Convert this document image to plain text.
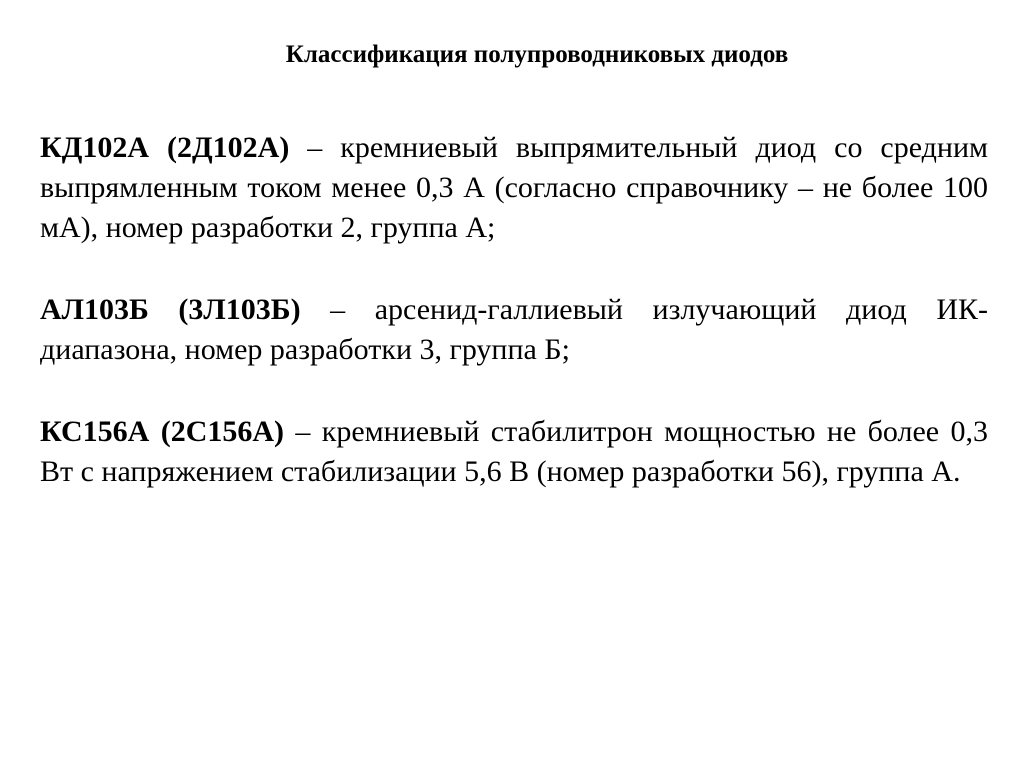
Классификация полупроводниковых диодов

КД102А (2Д102А) – кремниевый выпрямительный диод со средним выпрямленным током менее 0,3 А (согласно справочнику – не более 100 мА), номер разработки 2, группа А;

АЛ103Б (3Л103Б) – арсенид-галлиевый излучающий диод ИК-диапазона, номер разработки 3, группа Б;

КС156А (2С156А) – кремниевый стабилитрон мощностью не более 0,3 Вт с напряжением стабилизации 5,6 В (номер разработки 56), группа А.
